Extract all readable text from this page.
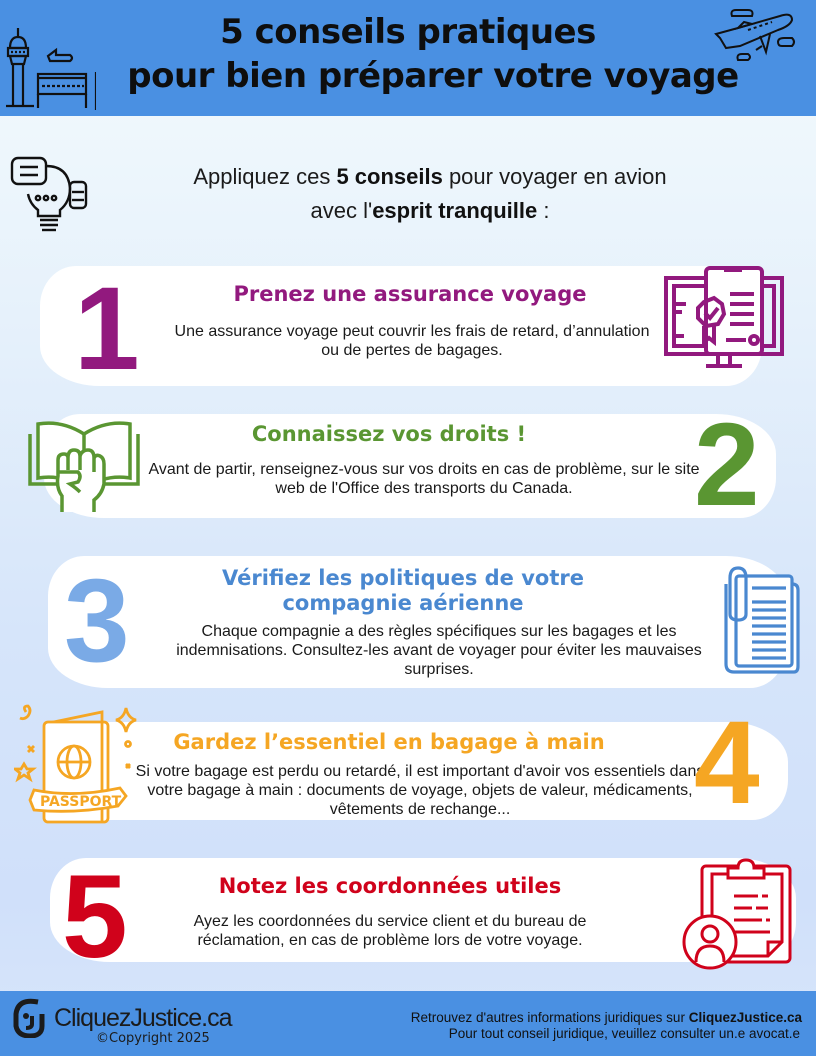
5 conseils pratiques
pour bien préparer votre voyage
Appliquez ces 5 conseils pour voyager en avion
avec l'esprit tranquille :
1	Prenez une assurance voyage
Une assurance voyage peut couvrir les frais de retard, d’annulation ou de pertes de bagages.
Connaissez vos droits !
Avant de partir, renseignez-vous sur vos droits en cas de problème, sur le site web de l'Office des transports du Canada.	2
3	Vérifiez les politiques de votre
compagnie aérienne
Chaque compagnie a des règles spécifiques sur les bagages et les indemnisations. Consultez-les avant de voyager pour éviter les mauvaises surprises.
Gardez l’essentiel en bagage à main
Si votre bagage est perdu ou retardé, il est important d'avoir vos essentiels dans votre bagage à main : documents de voyage, objets de valeur, médicaments, vêtements de rechange...	4
PASSPORT
5	Notez les coordonnées utiles
Ayez les coordonnées du service client et du bureau de réclamation, en cas de problème lors de votre voyage.
CliquezJustice.ca
©Copyright 2025
Retrouvez d'autres informations juridiques sur CliquezJustice.ca
Pour tout conseil juridique, veuillez consulter un.e avocat.e
